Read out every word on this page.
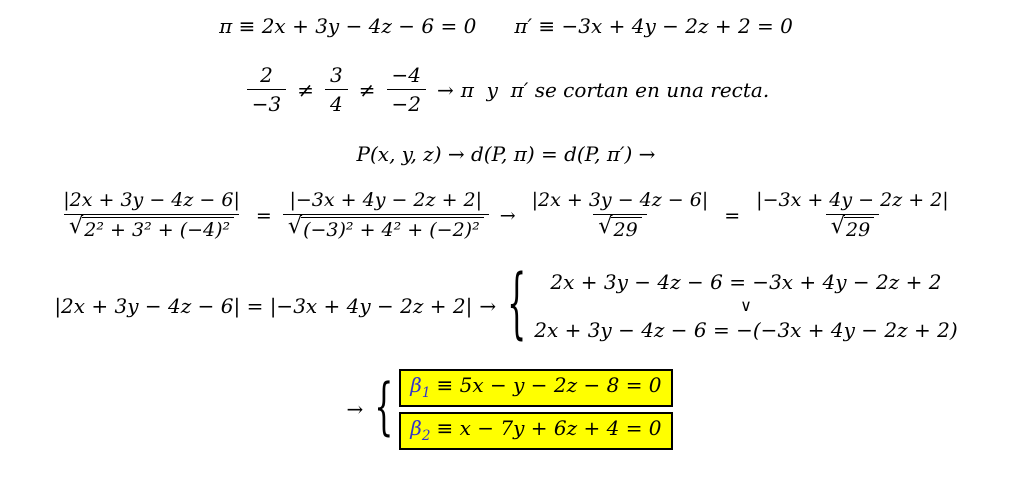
π ≡ 2x + 3y − 4z − 6 = 0 π′ ≡ −3x + 4y − 2z + 2 = 0
$\frac{2}{-3} \ne \frac{3}{4} \ne \frac{-4}{-2} \to \pi$  y  π′ se cortan en una recta.
P(x, y, z) → d(P, π) = d(P, π′) →
$\frac{|2x + 3y - 4z - 6|}{\text{√ 2² + 3² + (−4)²}} = \frac{|-3x + 4y - 2z + 2|}{\text{√ (−3)² + 4² + (−2)²}} \to \frac{|2x + 3y - 4z - 6|}{√ 29} = \frac{|-3x + 4y - 2z + 2|}{√ 29}$
|2x + 3y − 4z − 6| = |−3x + 4y − 2z + 2| → { 2x + 3y − 4z − 6 = −3x + 4y − 2z + 2
∨
2x + 3y − 4z − 6 = −(−3x + 4y − 2z + 2)
→ { $\beta_1 \equiv 5x - y - 2z - 8 = 0$
$\beta_2 \equiv x - 7y + 6z + 4 = 0$
